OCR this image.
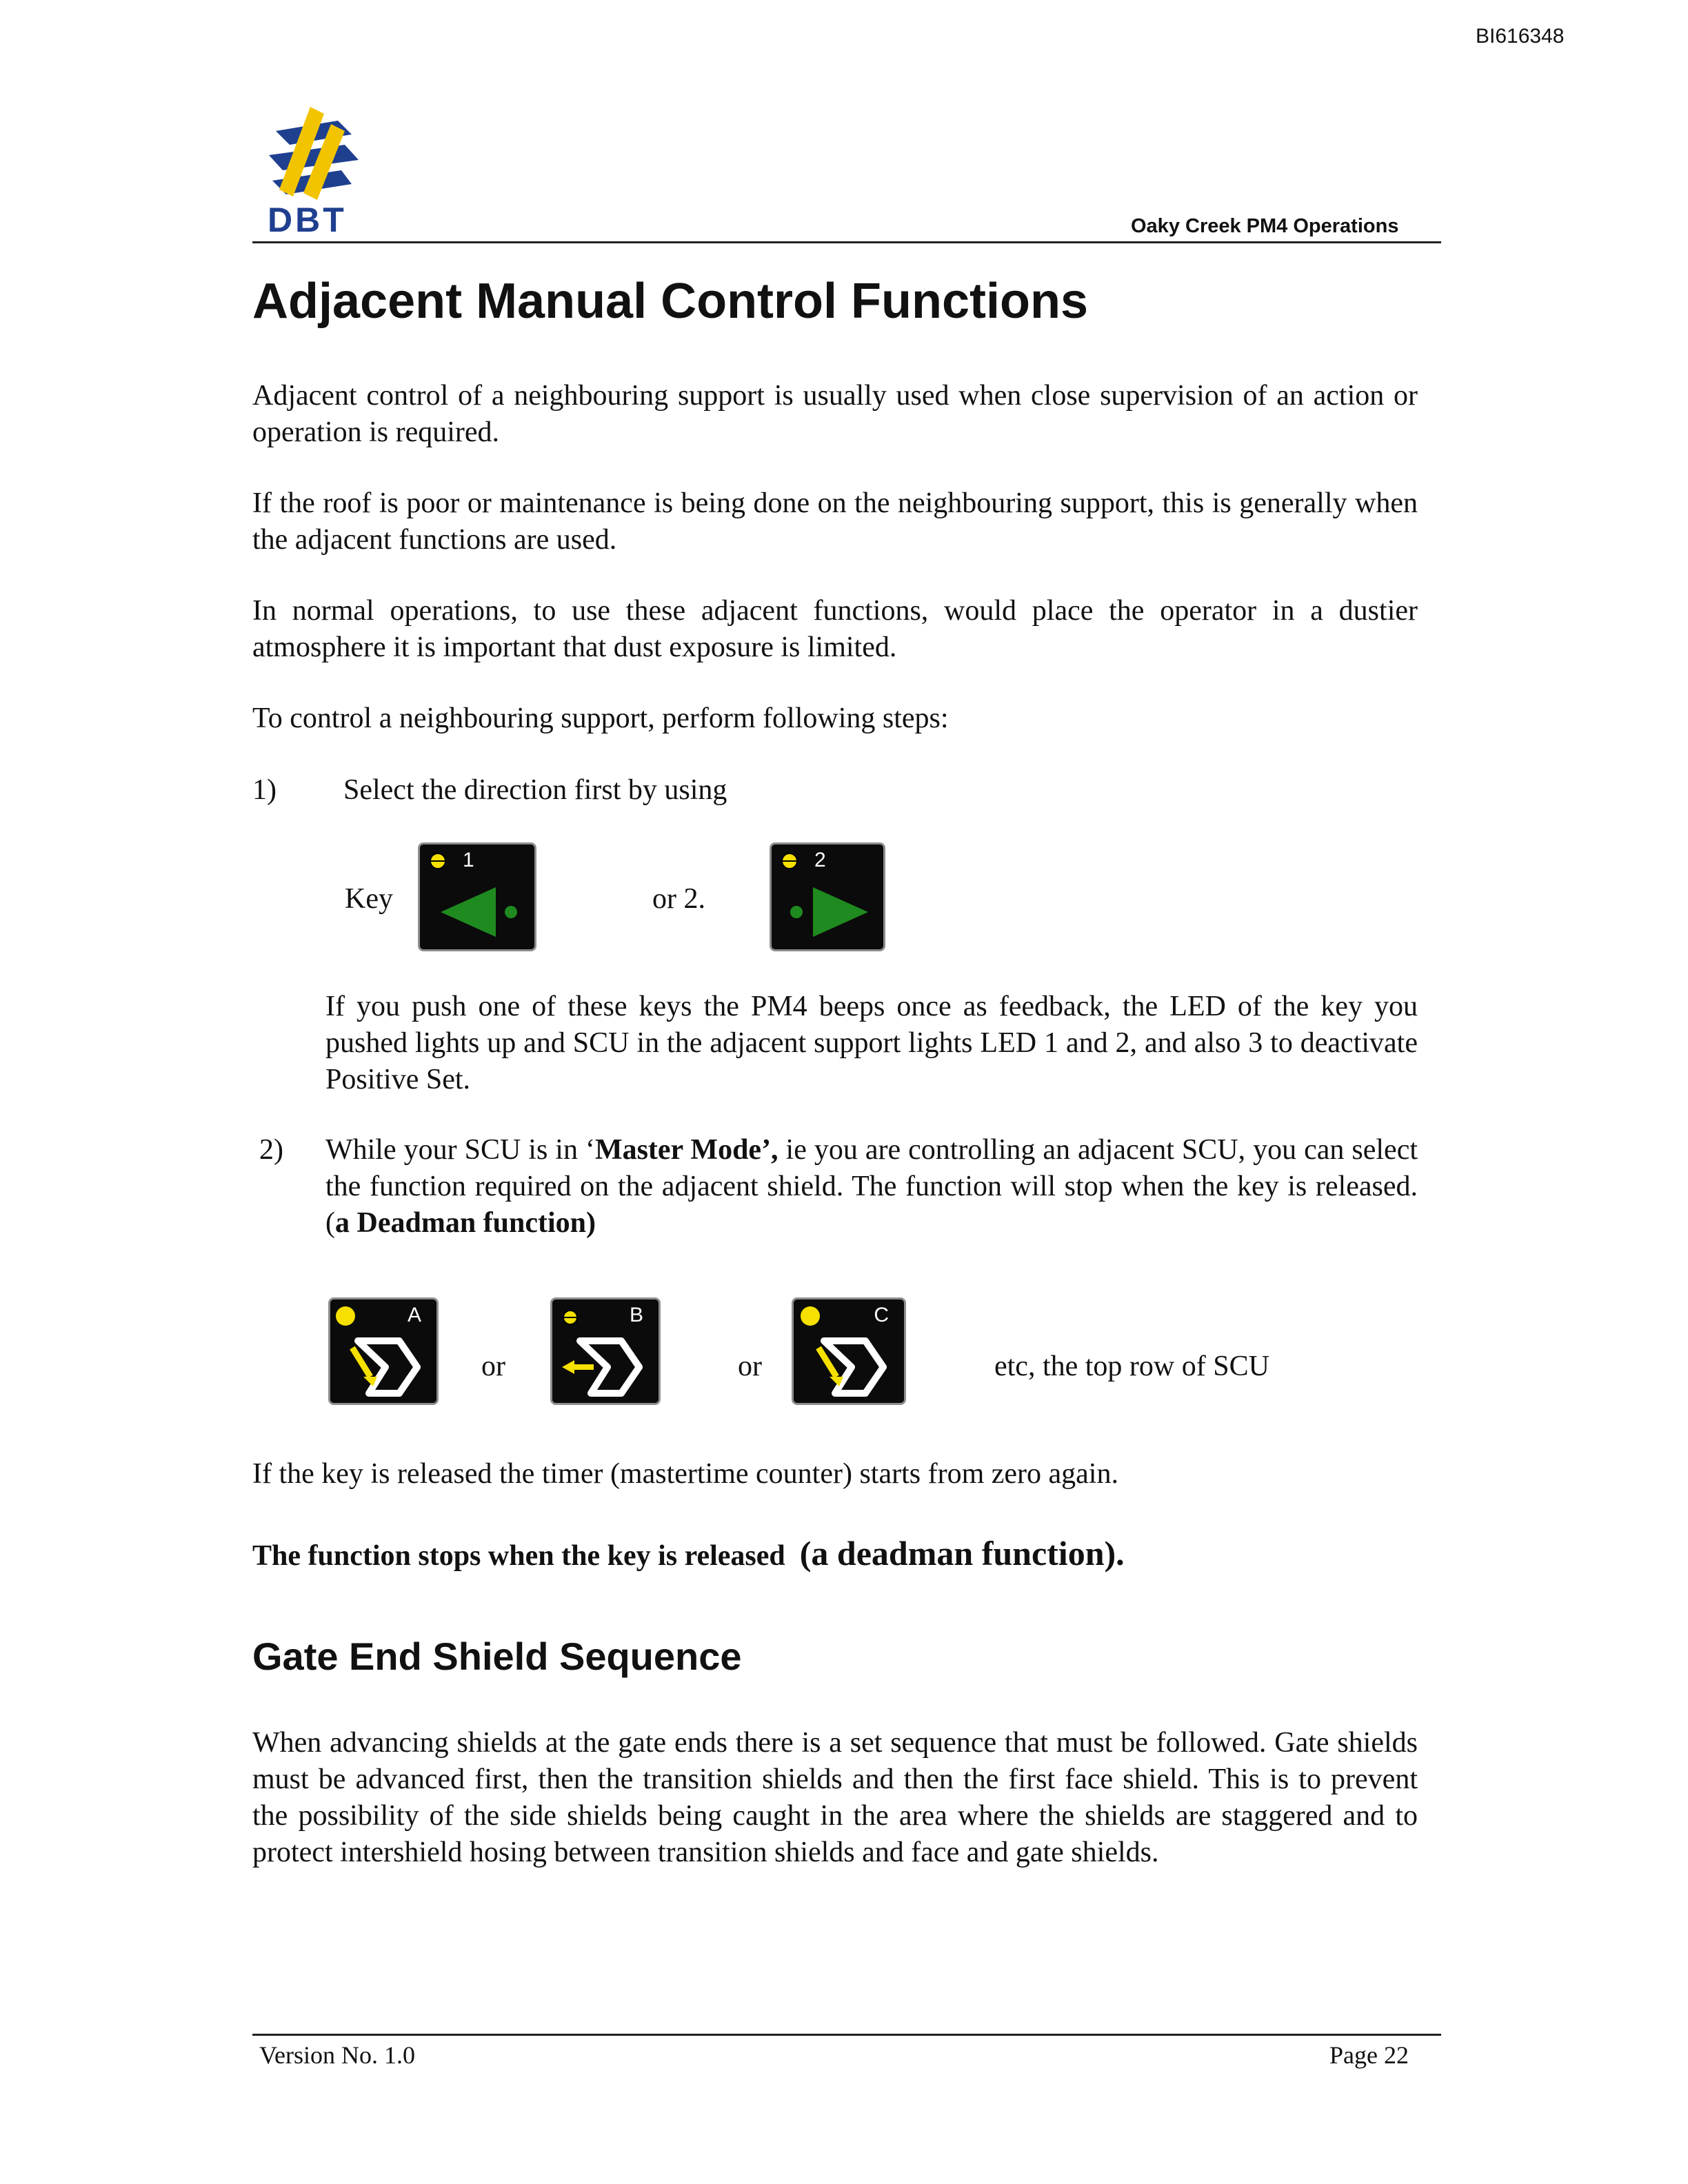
BI616348
DBT	Oaky Creek PM4 Operations
Adjacent Manual Control Functions
Adjacent control of a neighbouring support is usually used when close supervision of an action or operation is required.
If the roof is poor or maintenance is being done on the neighbouring support, this is generally when the adjacent functions are used.
In normal operations, to use these adjacent functions, would place the operator in a dustier atmosphere it is important that dust exposure is limited.
To control a neighbouring support, perform following steps:
1) Select the direction first by using
Key
1
or 2.
2
If you push one of these keys the PM4 beeps once as feedback, the LED of the key you pushed lights up and SCU in the adjacent support lights LED 1 and 2, and also 3 to deactivate Positive Set.
2) While your SCU is in ‘Master Mode’, ie you are controlling an adjacent SCU, you can select the function required on the adjacent shield. The function will stop when the key is released. (a Deadman function)
A
or
B
or
C
etc, the top row of SCU
If the key is released the timer (mastertime counter) starts from zero again.
The function stops when the key is released (a deadman function).
Gate End Shield Sequence
When advancing shields at the gate ends there is a set sequence that must be followed. Gate shields must be advanced first, then the transition shields and then the first face shield. This is to prevent the possibility of the side shields being caught in the area where the shields are staggered and to protect intershield hosing between transition shields and face and gate shields.
Version No. 1.0	Page 22
